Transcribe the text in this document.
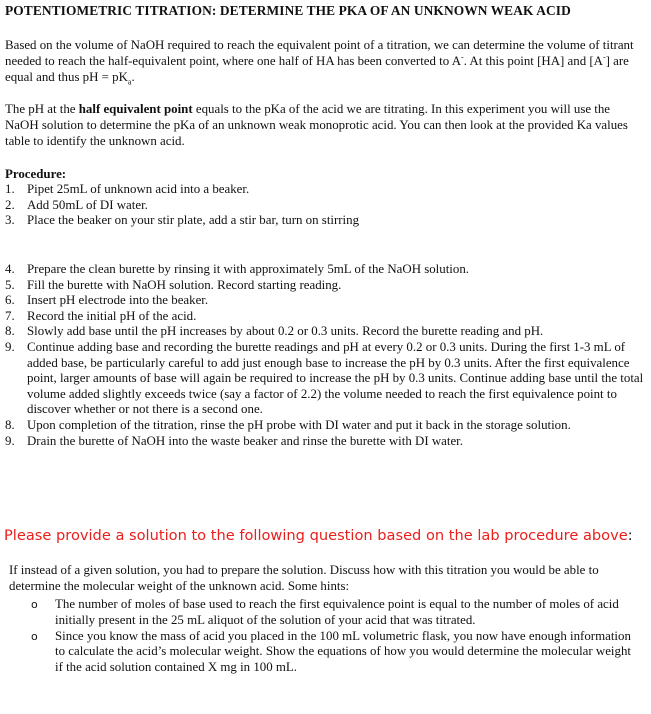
POTENTIOMETRIC TITRATION: DETERMINE THE PKA OF AN UNKNOWN WEAK ACID
Based on the volume of NaOH required to reach the equivalent point of a titration, we can determine the volume of titrant needed to reach the half-equivalent point, where one half of HA has been converted to A-. At this point [HA] and [A-] are equal and thus pH = $pK_a$.
The pH at the half equivalent point equals to the pKa of the acid we are titrating. In this experiment you will use the NaOH solution to determine the pKa of an unknown weak monoprotic acid. You can then look at the provided Ka values table to identify the unknown acid.
Procedure:
1. Pipet 25mL of unknown acid into a beaker.
2. Add 50mL of DI water.
3. Place the beaker on your stir plate, add a stir bar, turn on stirring
4. Prepare the clean burette by rinsing it with approximately 5mL of the NaOH solution.
5. Fill the burette with NaOH solution. Record starting reading.
6. Insert pH electrode into the beaker.
7. Record the initial pH of the acid.
8. Slowly add base until the pH increases by about 0.2 or 0.3 units. Record the burette reading and pH.
9. Continue adding base and recording the burette readings and pH at every 0.2 or 0.3 units. During the first 1-3 mL of added base, be particularly careful to add just enough base to increase the pH by 0.3 units. After the first equivalence point, larger amounts of base will again be required to increase the pH by 0.3 units. Continue adding base until the total volume added slightly exceeds twice (say a factor of 2.2) the volume needed to reach the first equivalence point to discover whether or not there is a second one.
8. Upon completion of the titration, rinse the pH probe with DI water and put it back in the storage solution.
9. Drain the burette of NaOH into the waste beaker and rinse the burette with DI water.
Please provide a solution to the following question based on the lab procedure above:
If instead of a given solution, you had to prepare the solution. Discuss how with this titration you would be able to determine the molecular weight of the unknown acid. Some hints:
o The number of moles of base used to reach the first equivalence point is equal to the number of moles of acid initially present in the 25 mL aliquot of the solution of your acid that was titrated.
o Since you know the mass of acid you placed in the 100 mL volumetric flask, you now have enough information to calculate the acid’s molecular weight. Show the equations of how you would determine the molecular weight if the acid solution contained X mg in 100 mL.
